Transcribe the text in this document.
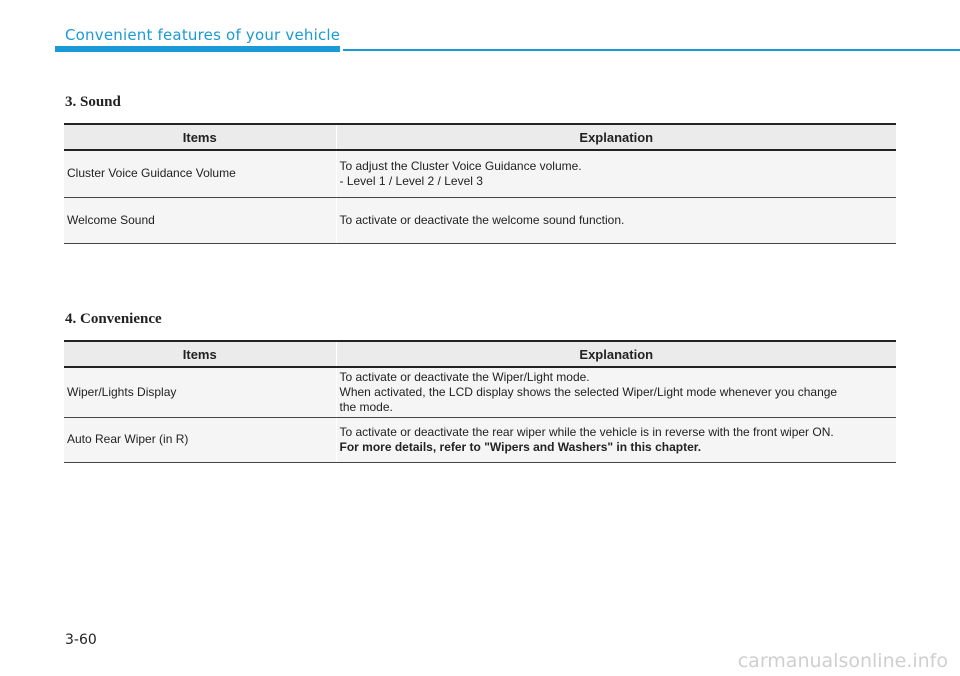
Convenient features of your vehicle
3. Sound
Items	Explanation
Cluster Voice Guidance Volume	To adjust the Cluster Voice Guidance volume.
- Level 1 / Level 2 / Level 3

Welcome Sound	To activate or deactivate the welcome sound function.
4. Convenience
Items	Explanation
Wiper/Lights Display	To activate or deactivate the Wiper/Light mode.
When activated, the LCD display shows the selected Wiper/Light mode whenever you change
the mode.

Auto Rear Wiper (in R)	To activate or deactivate the rear wiper while the vehicle is in reverse with the front wiper ON.
For more details, refer to "Wipers and Washers" in this chapter.
3-60
carmanualsonline.info
